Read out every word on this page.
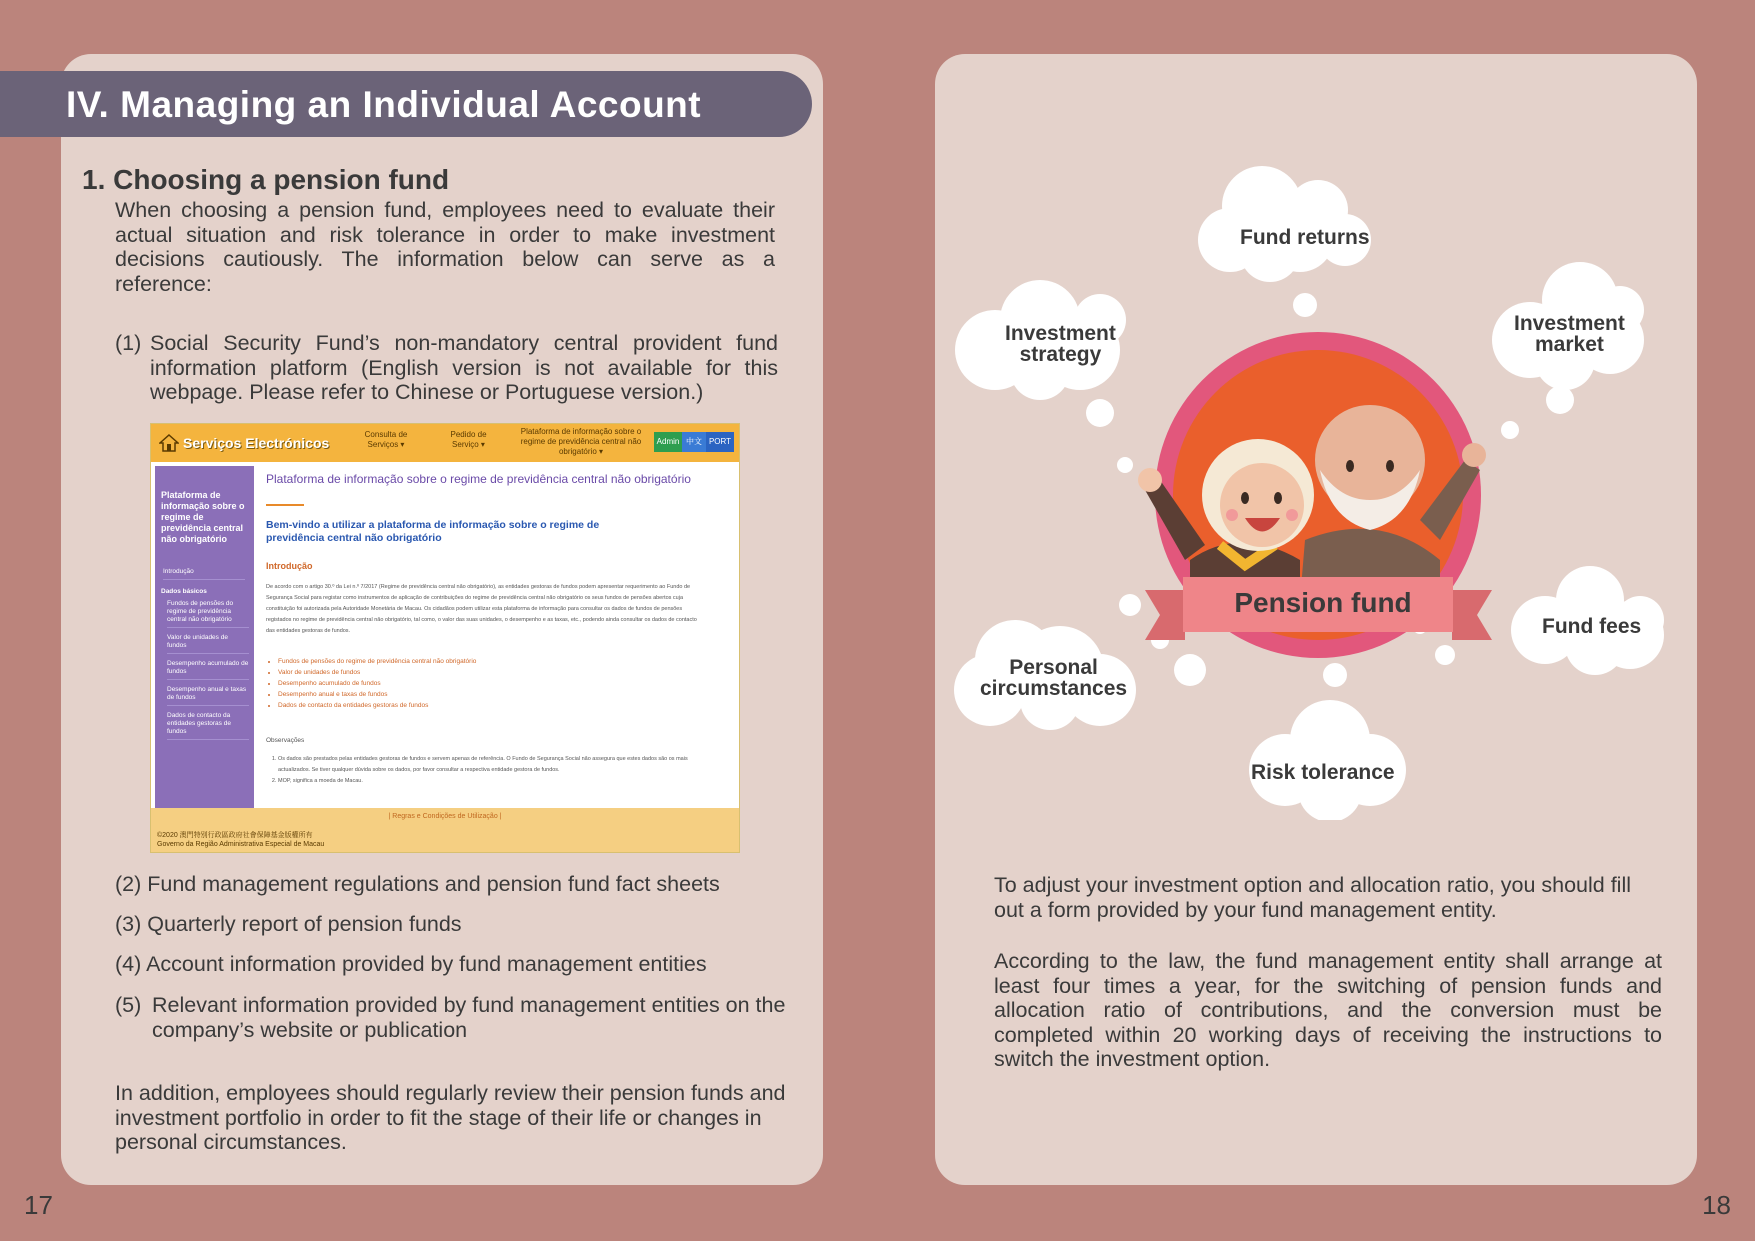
IV. Managing an Individual Account
1. Choosing a pension fund
When choosing a pension fund, employees need to evaluate their actual situation and risk tolerance in order to make investment decisions cautiously. The information below can serve as a reference:
(1) Social Security Fund’s non-mandatory central provident fund information platform (English version is not available for this webpage. Please refer to Chinese or Portuguese version.)
Serviços Electrónicos
Consulta de Serviços ▾
Pedido de Serviço ▾
Plataforma de informação sobre o regime de previdência central não obrigatório ▾
Admin 中文 PORT
Plataforma de informação sobre o regime de previdência central não obrigatório
Introdução
Dados básicos
Fundos de pensões do regime de previdência central não obrigatório
Valor de unidades de fundos
Desempenho acumulado de fundos
Desempenho anual e taxas de fundos
Dados de contacto da entidades gestoras de fundos
Plataforma de informação sobre o regime de previdência central não obrigatório
Bem-vindo a utilizar a plataforma de informação sobre o regime de previdência central não obrigatório
Introdução
De acordo com o artigo 30.º da Lei n.º 7/2017 (Regime de previdência central não obrigatório), as entidades gestoras de fundos podem apresentar requerimento ao Fundo de Segurança Social para registar como instrumentos de aplicação de contribuições do regime de previdência central não obrigatório os seus fundos de pensões abertos cuja constituição foi autorizada pela Autoridade Monetária de Macau. Os cidadãos podem utilizar esta plataforma de informação para consultar os dados de fundos de pensões registados no regime de previdência central não obrigatório, tal como, o valor das suas unidades, o desempenho e as taxas, etc., podendo ainda consultar os dados de contacto das entidades gestoras de fundos.
• Fundos de pensões do regime de previdência central não obrigatório
• Valor de unidades de fundos
• Desempenho acumulado de fundos
• Desempenho anual e taxas de fundos
• Dados de contacto da entidades gestoras de fundos
Observações
1. Os dados são prestados pelas entidades gestoras de fundos e servem apenas de referência. O Fundo de Segurança Social não assegura que estes dados são os mais actualizados. Se tiver qualquer dúvida sobre os dados, por favor consultar a respectiva entidade gestora de fundos.
2. MOP, significa a moeda de Macau.
| Regras e Condições de Utilização |
©2020 澳門特別行政區政府社會保障基金版權所有
Governo da Região Administrativa Especial de Macau
(2) Fund management regulations and pension fund fact sheets
(3) Quarterly report of pension funds
(4) Account information provided by fund management entities
(5) Relevant information provided by fund management entities on the company’s website or publication
In addition, employees should regularly review their pension funds and investment portfolio in order to fit the stage of their life or changes in personal circumstances.
17
Fund returns
Investment
strategy
Investment
market
Personal
circumstances
Fund fees
Risk tolerance
Pension fund
To adjust your investment option and allocation ratio, you should fill out a form provided by your fund management entity.
According to the law, the fund management entity shall arrange at least four times a year, for the switching of pension funds and allocation ratio of contributions, and the conversion must be completed within 20 working days of receiving the instructions to switch the investment option.
18
